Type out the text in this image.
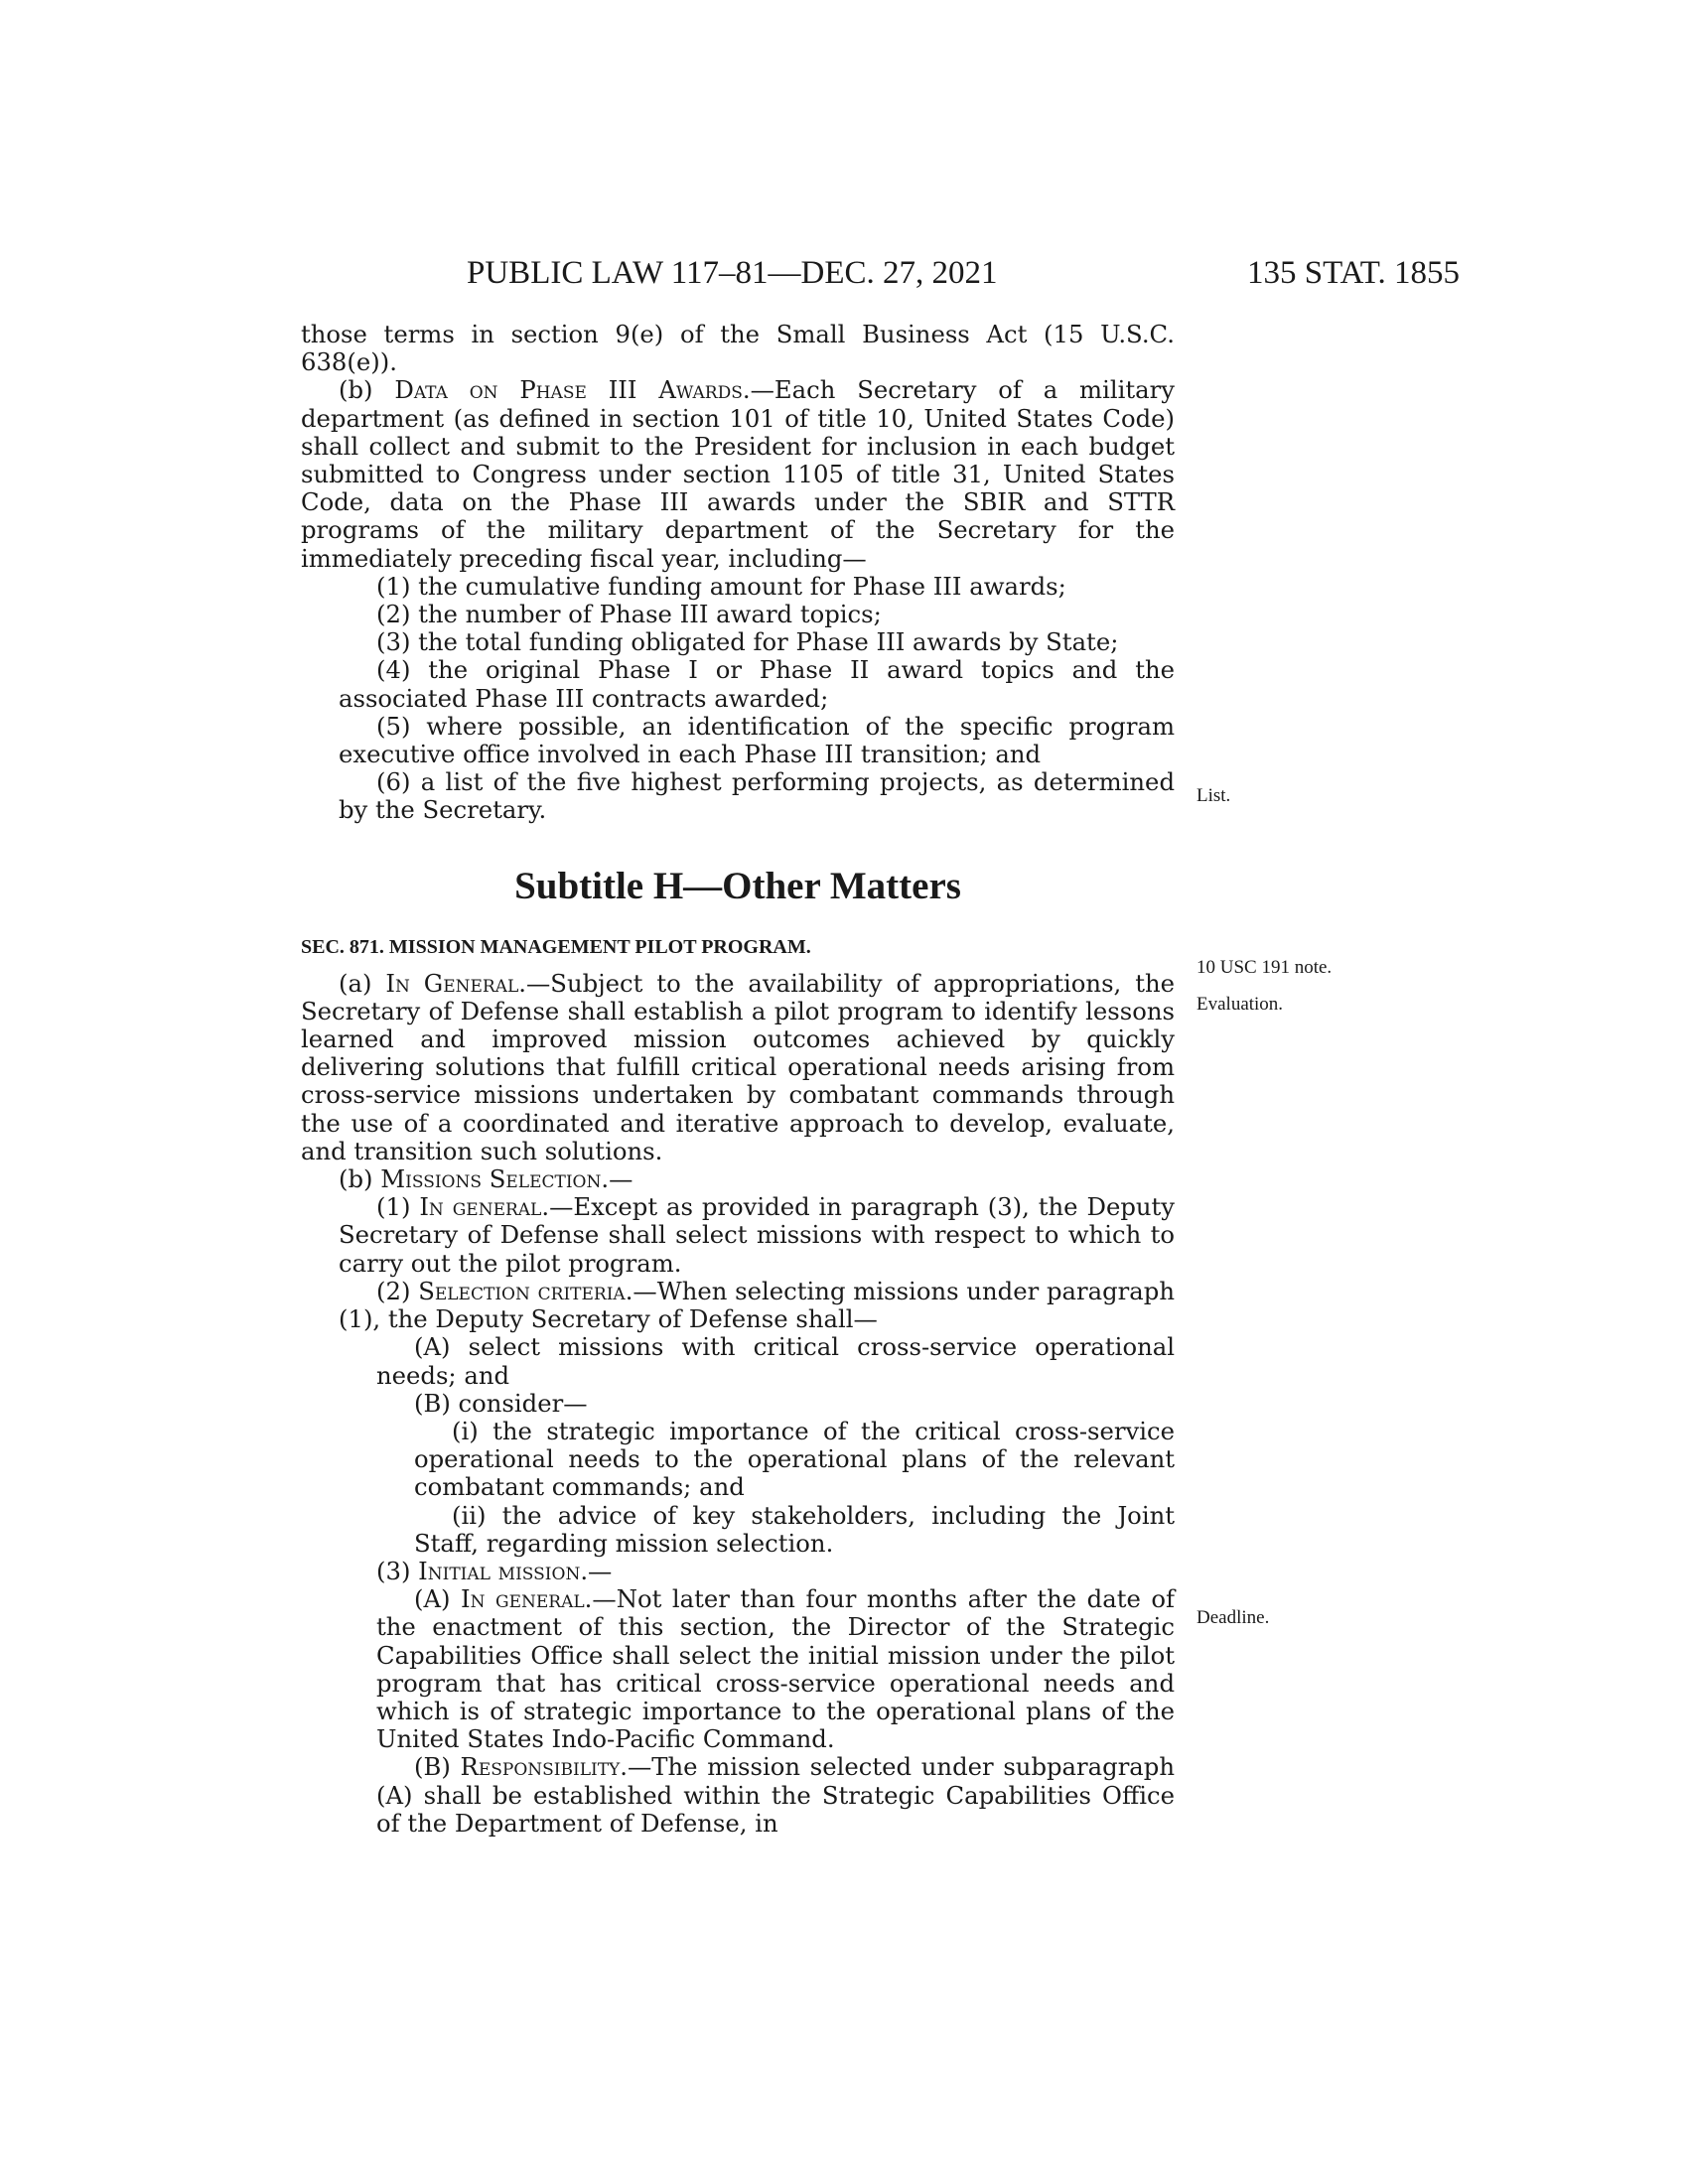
PUBLIC LAW 117–81—DEC. 27, 2021	135 STAT. 1855

those terms in section 9(e) of the Small Business Act (15 U.S.C. 638(e)).

(b) Data on Phase III Awards.—Each Secretary of a military department (as defined in section 101 of title 10, United States Code) shall collect and submit to the President for inclusion in each budget submitted to Congress under section 1105 of title 31, United States Code, data on the Phase III awards under the SBIR and STTR programs of the military department of the Secretary for the immediately preceding fiscal year, including—

(1) the cumulative funding amount for Phase III awards;

(2) the number of Phase III award topics;

(3) the total funding obligated for Phase III awards by State;

(4) the original Phase I or Phase II award topics and the associated Phase III contracts awarded;

(5) where possible, an identification of the specific program executive office involved in each Phase III transition; and

(6) a list of the five highest performing projects, as determined by the Secretary.

Subtitle H—Other Matters
SEC. 871. MISSION MANAGEMENT PILOT PROGRAM.

(a) In General.—Subject to the availability of appropriations, the Secretary of Defense shall establish a pilot program to identify lessons learned and improved mission outcomes achieved by quickly delivering solutions that fulfill critical operational needs arising from cross-service missions undertaken by combatant commands through the use of a coordinated and iterative approach to develop, evaluate, and transition such solutions.

(b) Missions Selection.—

(1) In general.—Except as provided in paragraph (3), the Deputy Secretary of Defense shall select missions with respect to which to carry out the pilot program.

(2) Selection criteria.—When selecting missions under paragraph (1), the Deputy Secretary of Defense shall—

(A) select missions with critical cross-service operational needs; and

(B) consider—

(i) the strategic importance of the critical cross-service operational needs to the operational plans of the relevant combatant commands; and

(ii) the advice of key stakeholders, including the Joint Staff, regarding mission selection.

(3) Initial mission.—

(A) In general.—Not later than four months after the date of the enactment of this section, the Director of the Strategic Capabilities Office shall select the initial mission under the pilot program that has critical cross-service operational needs and which is of strategic importance to the operational plans of the United States Indo-Pacific Command.

(B) Responsibility.—The mission selected under subparagraph (A) shall be established within the Strategic Capabilities Office of the Department of Defense, in

List.
10 USC 191 note.
Evaluation.
Deadline.
